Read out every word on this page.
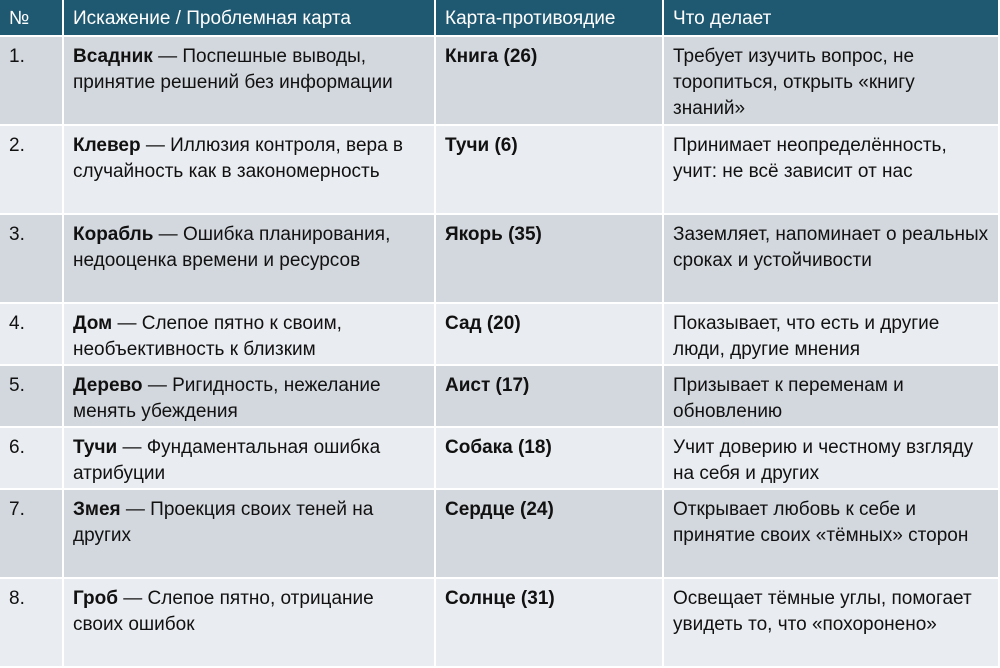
№	Искажение / Проблемная карта	Карта-противоядие	Что делает
1.	Всадник — Поспешные выводы, принятие решений без информации	Книга (26)	Требует изучить вопрос, не торопиться, открыть «книгу знаний»
2.	Клевер — Иллюзия контроля, вера в случайность как в закономерность	Тучи (6)	Принимает неопределённость, учит: не всё зависит от нас
3.	Корабль — Ошибка планирования, недооценка времени и ресурсов	Якорь (35)	Заземляет, напоминает о реальных сроках и устойчивости
4.	Дом — Слепое пятно к своим, необъективность к близким	Сад (20)	Показывает, что есть и другие люди, другие мнения
5.	Дерево — Ригидность, нежелание менять убеждения	Аист (17)	Призывает к переменам и обновлению
6.	Тучи — Фундаментальная ошибка атрибуции	Собака (18)	Учит доверию и честному взгляду на себя и других
7.	Змея — Проекция своих теней на других	Сердце (24)	Открывает любовь к себе и принятие своих «тёмных» сторон
8.	Гроб — Слепое пятно, отрицание своих ошибок	Солнце (31)	Освещает тёмные углы, помогает увидеть то, что «похоронено»
